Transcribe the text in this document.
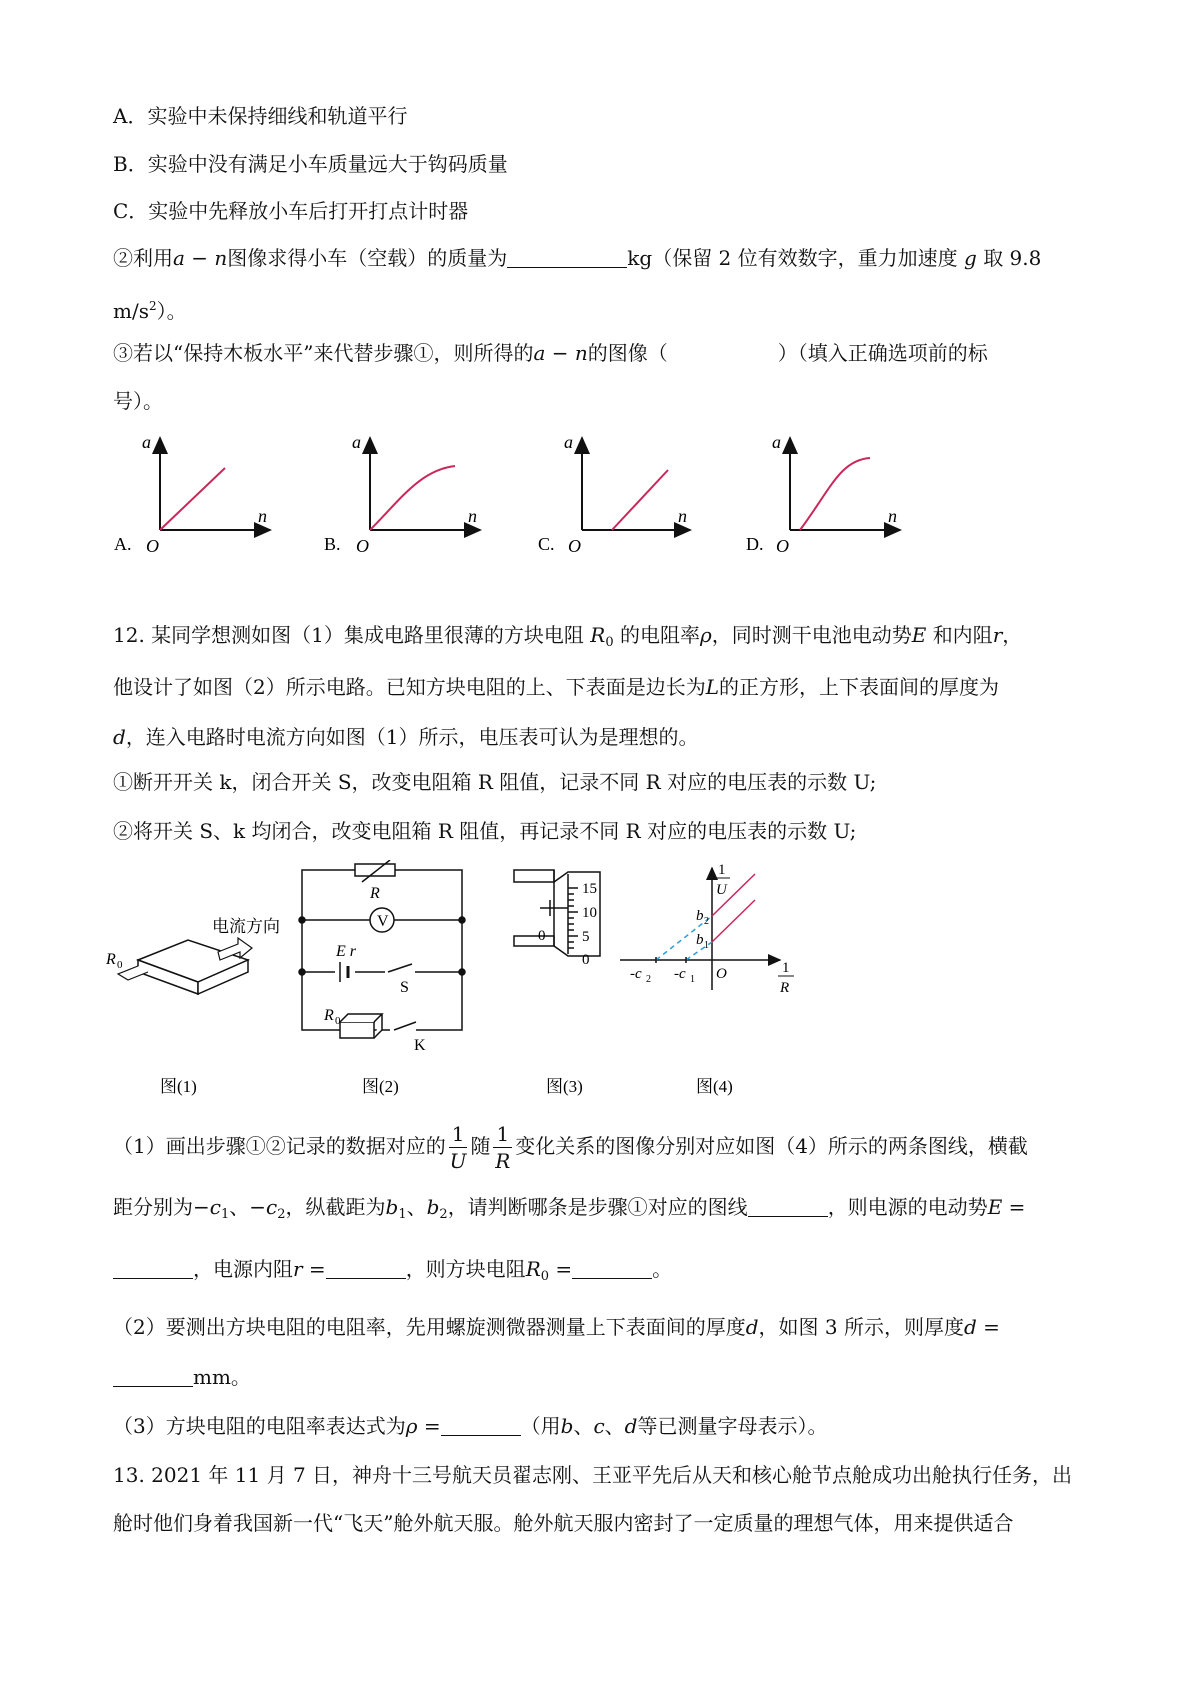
A．实验中未保持细线和轨道平行
B．实验中没有满足小车质量远大于钩码质量
C．实验中先释放小车后打开打点计时器
②利用a − n图像求得小车（空载）的质量为	kg（保留 2 位有效数字，重力加速度 g 取 9.8
$m/s^2$）。
③若以“保持木板水平”来代替步骤①，则所得的a − n的图像（	）（填入正确选项前的标
号）。
a
n
O
A.
a
n
O
B.
a
n
O
C.
a
n
O
D.
12. 某同学想测如图（1）集成电路里很薄的方块电阻 $R_0$ 的电阻率ρ，同时测干电池电动势E 和内阻r，
他设计了如图（2）所示电路。已知方块电阻的上、下表面是边长为L的正方形，上下表面间的厚度为
d，连入电路时电流方向如图（1）所示，电压表可认为是理想的。
①断开开关 k，闭合开关 S，改变电阻箱 R 阻值，记录不同 R 对应的电压表的示数 U;
②将开关 S、k 均闭合，改变电阻箱 R 阻值，再记录不同 R 对应的电压表的示数 U;
电流方向
R 0
图(1)
R
V
E r
S
R 0
K
图(2)
15
10
5
0
0
图(3)
1
U
1
R
b 2
b 1
-c 2 -c 1 O
图(4)
（1）画出步骤①②记录的数据对应的 $\frac{1}{U}$ 随 $\frac{1}{R}$ 变化关系的图像分别对应如图（4）所示的两条图线，横截
距分别为$-c_1$、$-c_2$，纵截距为$b_1$、$b_2$，请判断哪条是步骤①对应的图线	，则电源的电动势E =
，电源内阻r =	，则方块电阻$R_0$ =	。
（2）要测出方块电阻的电阻率，先用螺旋测微器测量上下表面间的厚度d，如图 3 所示，则厚度d =
mm。
（3）方块电阻的电阻率表达式为ρ =	（用b、c、d等已测量字母表示）。
13. 2021 年 11 月 7 日，神舟十三号航天员翟志刚、王亚平先后从天和核心舱节点舱成功出舱执行任务，出
舱时他们身着我国新一代“飞天”舱外航天服。舱外航天服内密封了一定质量的理想气体，用来提供适合
